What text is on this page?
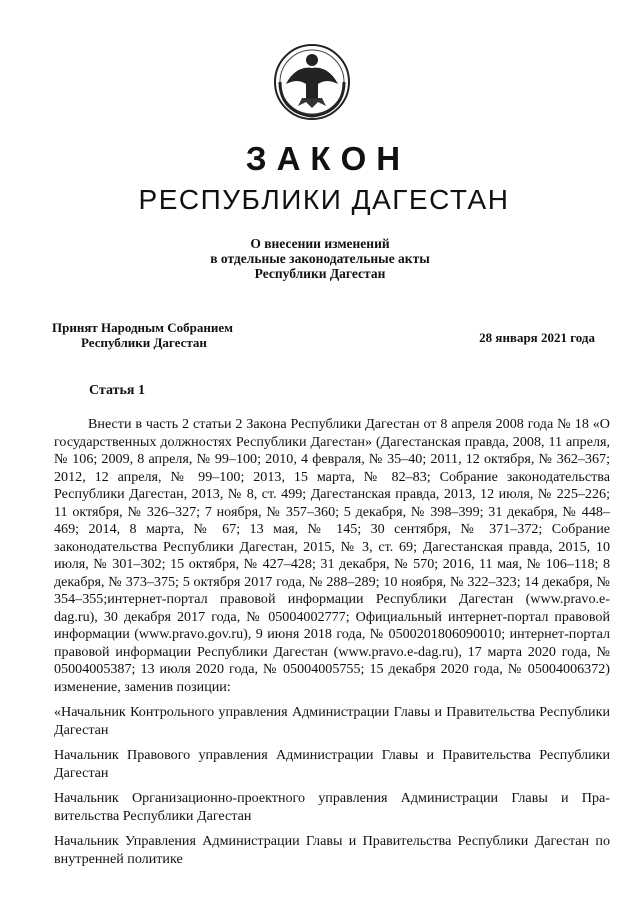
ЗАКОН
РЕСПУБЛИКИ ДАГЕСТАН
О внесении изменений
в отдельные законодательные акты
Республики Дагестан
Принят Народным Собранием
Республики Дагестан	28 января 2021 года
Статья 1

Внести в часть 2 статьи 2 Закона Республики Дагестан от 8 апреля 2008 года № 18 «О государственных должностях Республики Дагестан» (Дагестанская правда, 2008, 11 апреля, № 106; 2009, 8 апреля, № 99–100; 2010, 4 февраля, № 35–40; 2011, 12 октября, № 362–367; 2012, 12 апреля, № 99–100; 2013, 15 марта, № 82–83; Собрание законодательства Республики Дагестан, 2013, № 8, ст. 499; Дагестанская правда, 2013, 12 июля, № 225–226; 11 октября, № 326–327; 7 ноября, № 357–360; 5 декабря, № 398–399; 31 декабря, № 448–469; 2014, 8 марта, № 67; 13 мая, № 145; 30 сентября, № 371–372; Собрание законодательства Республики Дагестан, 2015, № 3, ст. 69; Дагестанская правда, 2015, 10 июля, № 301–302; 15 октября, № 427–428; 31 декабря, № 570; 2016, 11 мая, № 106–118; 8 декабря, № 373–375; 5 октября 2017 года, № 288–289; 10 ноября, № 322–323; 14 декабря, № 354–355;интернет-портал правовой информации Республики Дагестан (www.pravo.e-dag.ru), 30 декабря 2017 года, № 05004002777; Официальный интернет-портал правовой информации (www.pravo.gov.ru), 9 июня 2018 года, № 0500201806090010; интернет-портал правовой информации Республики Дагестан (www.pravo.e-dag.ru), 17 марта 2020 года, № 05004005387; 13 июля 2020 года, № 05004005755; 15 декабря 2020 года, № 05004006372) изменение, заменив позиции:

«Начальник Контрольного управления Администрации Главы и Правительства Республики Дагестан

Начальник Правового управления Администрации Главы и Правительства Республики Дагестан

Начальник Организационно-проектного управления Администрации Главы и Правительства Республики Дагестан

Начальник Управления Администрации Главы и Правительства Республики Дагестан по внутренней политике
